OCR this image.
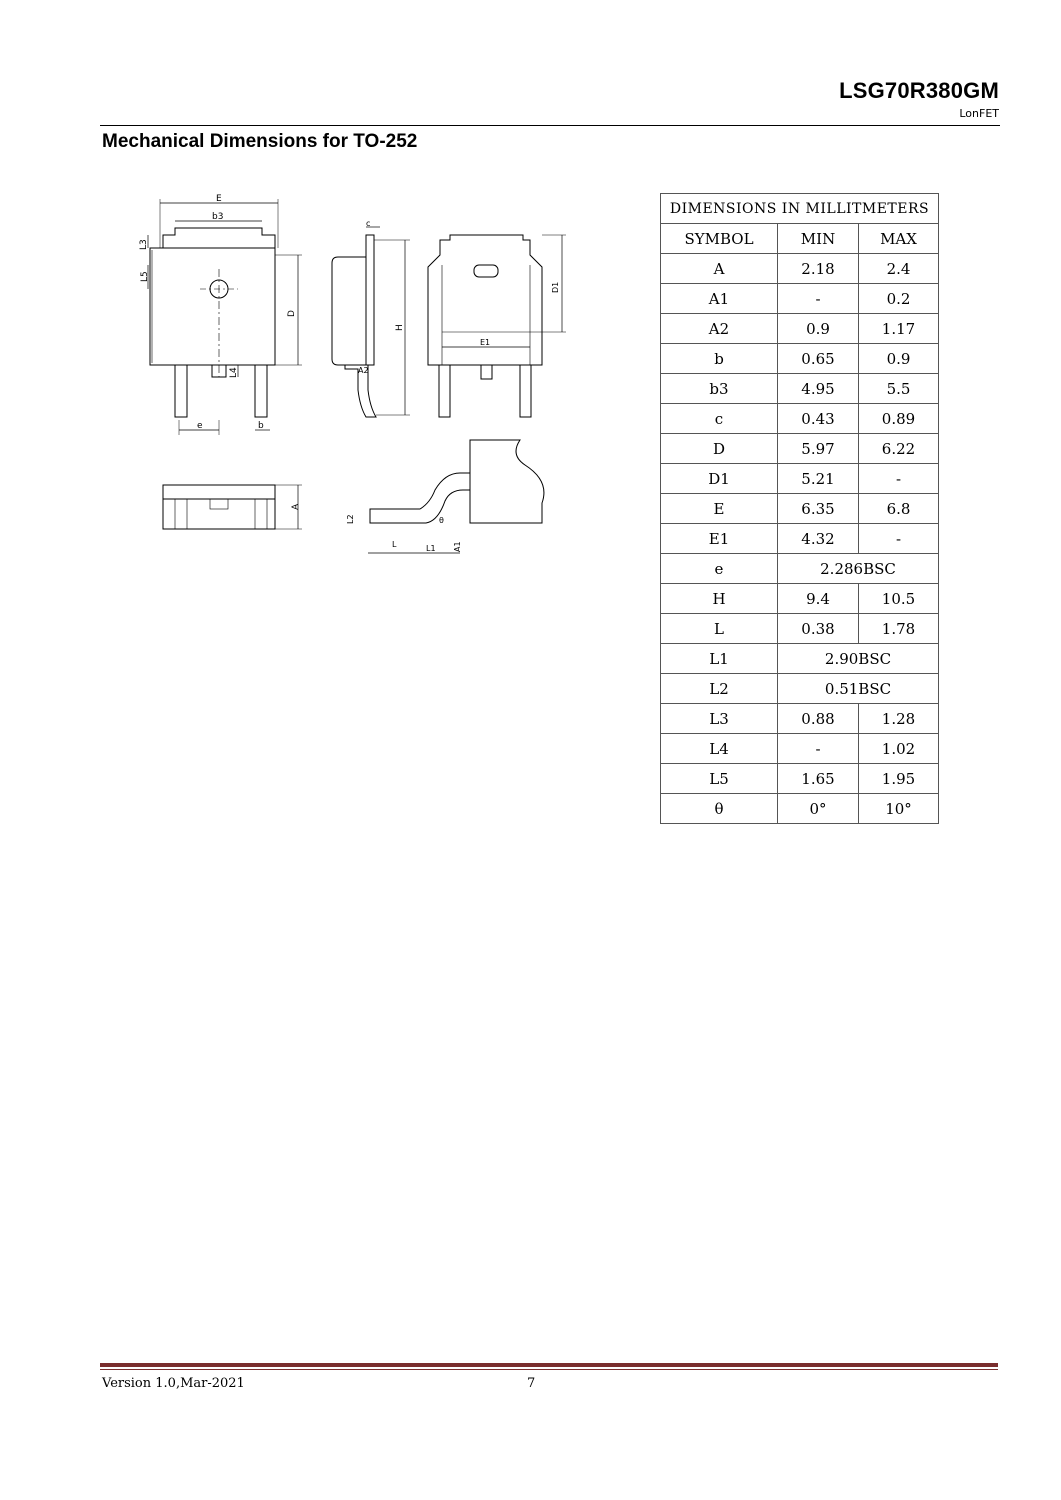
LSG70R380GM
LonFET
Mechanical Dimensions for TO-252
E
b3
L3
L5
D
L4
e	b
c
H
A2
E1
D1
A
L	L1
L2
A1
θ
DIMENSIONS IN MILLITMETERS		
SYMBOL	MIN	MAX
A	2.18	2.4
A1	-	0.2
A2	0.9	1.17
b	0.65	0.9
b3	4.95	5.5
c	0.43	0.89
D	5.97	6.22
D1	5.21	-
E	6.35	6.8
E1	4.32	-
e	2.286BSC	
H	9.4	10.5
L	0.38	1.78
L1	2.90BSC	
L2	0.51BSC	
L3	0.88	1.28
L4	-	1.02
L5	1.65	1.95
θ	0°	10°
Version 1.0,Mar-2021	7
